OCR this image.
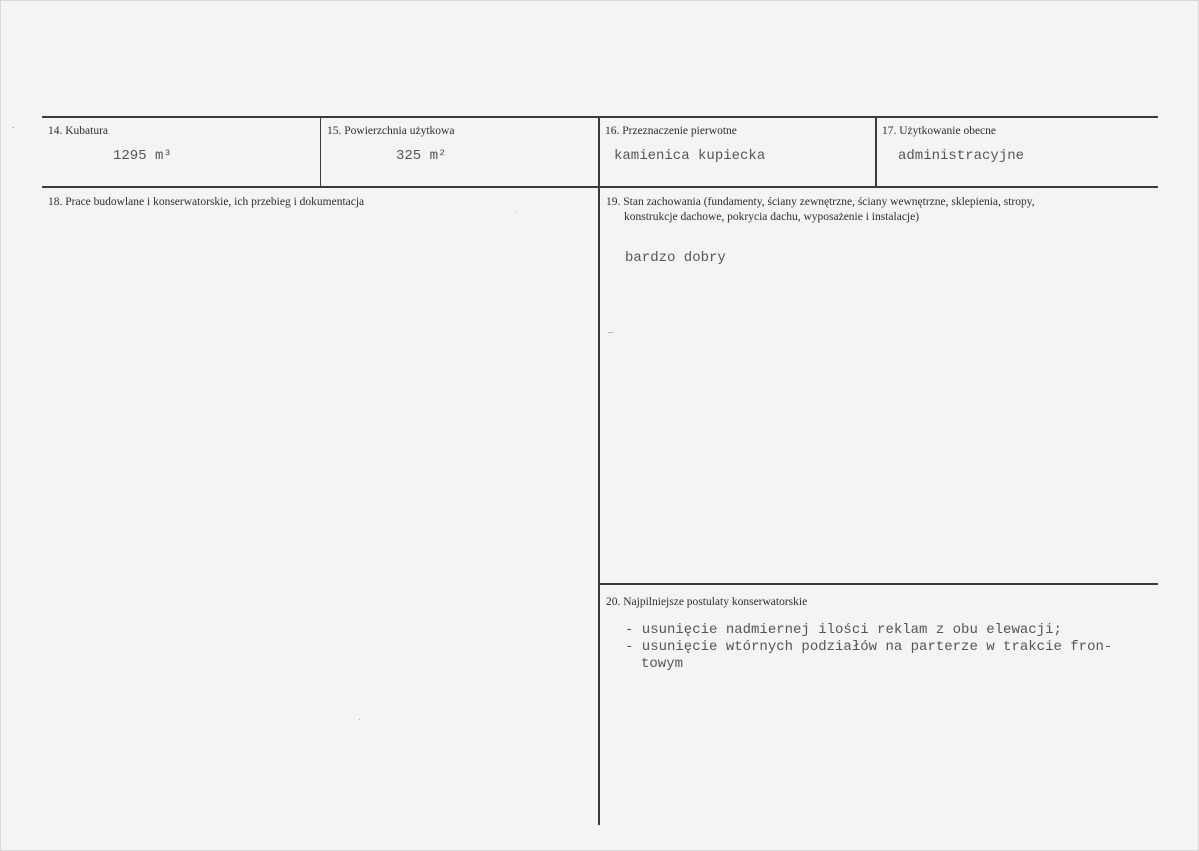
14. Kubatura
1295 m³
15. Powierzchnia użytkowa
325 m²
16. Przeznaczenie pierwotne
kamienica kupiecka
17. Użytkowanie obecne
administracyjne
18. Prace budowlane i konserwatorskie, ich przebieg i dokumentacja	19. Stan zachowania (fundamenty, ściany zewnętrzne, ściany wewnętrzne, sklepienia, stropy,
konstrukcje dachowe, pokrycia dachu, wyposażenie i instalacje)
bardzo dobry
20. Najpilniejsze postulaty konserwatorskie
- usunięcie nadmiernej ilości reklam z obu elewacji;
- usunięcie wtórnych podziałów na parterze w trakcie fron-
towym
